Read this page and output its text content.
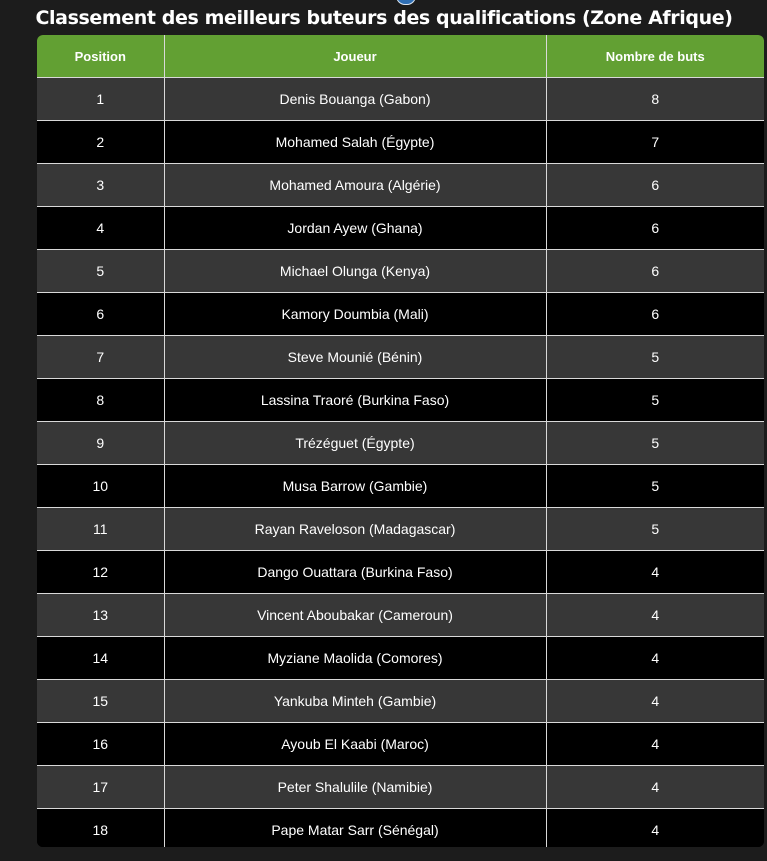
Classement des meilleurs buteurs des qualifications (Zone Afrique)
Position	Joueur	Nombre de buts
1	Denis Bouanga (Gabon)	8
2	Mohamed Salah (Égypte)	7
3	Mohamed Amoura (Algérie)	6
4	Jordan Ayew (Ghana)	6
5	Michael Olunga (Kenya)	6
6	Kamory Doumbia (Mali)	6
7	Steve Mounié (Bénin)	5
8	Lassina Traoré (Burkina Faso)	5
9	Trézéguet (Égypte)	5
10	Musa Barrow (Gambie)	5
11	Rayan Raveloson (Madagascar)	5
12	Dango Ouattara (Burkina Faso)	4
13	Vincent Aboubakar (Cameroun)	4
14	Myziane Maolida (Comores)	4
15	Yankuba Minteh (Gambie)	4
16	Ayoub El Kaabi (Maroc)	4
17	Peter Shalulile (Namibie)	4
18	Pape Matar Sarr (Sénégal)	4
